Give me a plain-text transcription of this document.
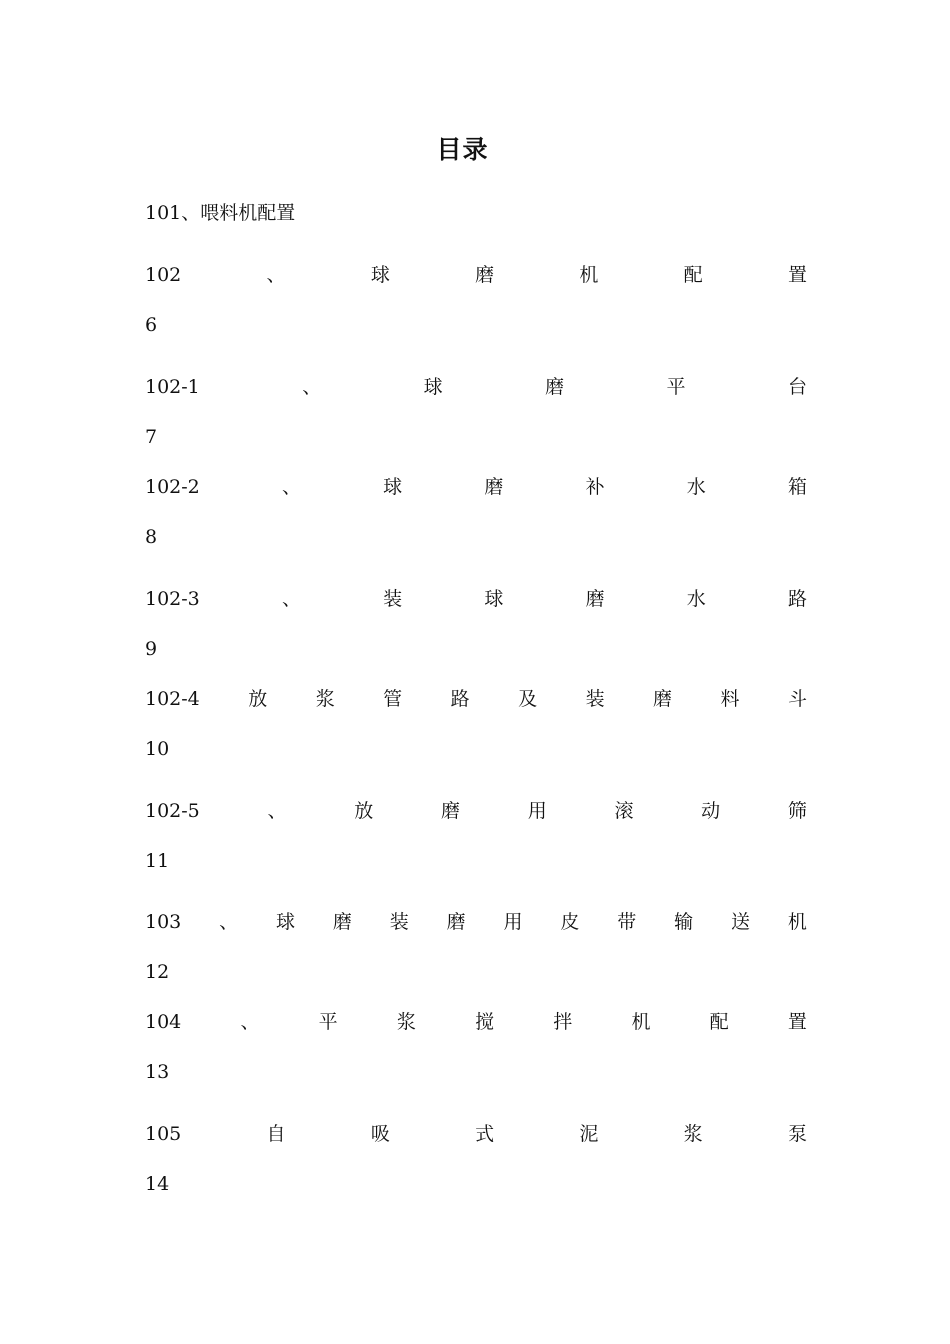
目录
101、喂料机配置
102	、	球	磨	机	配	置
6
102-1	、	球	磨	平	台
7
102-2	、	球	磨	补	水	箱
8
102-3	、	装	球	磨	水	路
9
102-4	放	浆	管	路	及	装	磨	料	斗
10
102-5	、	放	磨	用	滚	动	筛
11
103 、 球 磨 装 磨 用 皮 带 输 送 机
12
104	、	平	浆	搅	拌	机	配	置
13
105	自	吸	式	泥	浆	泵
14
